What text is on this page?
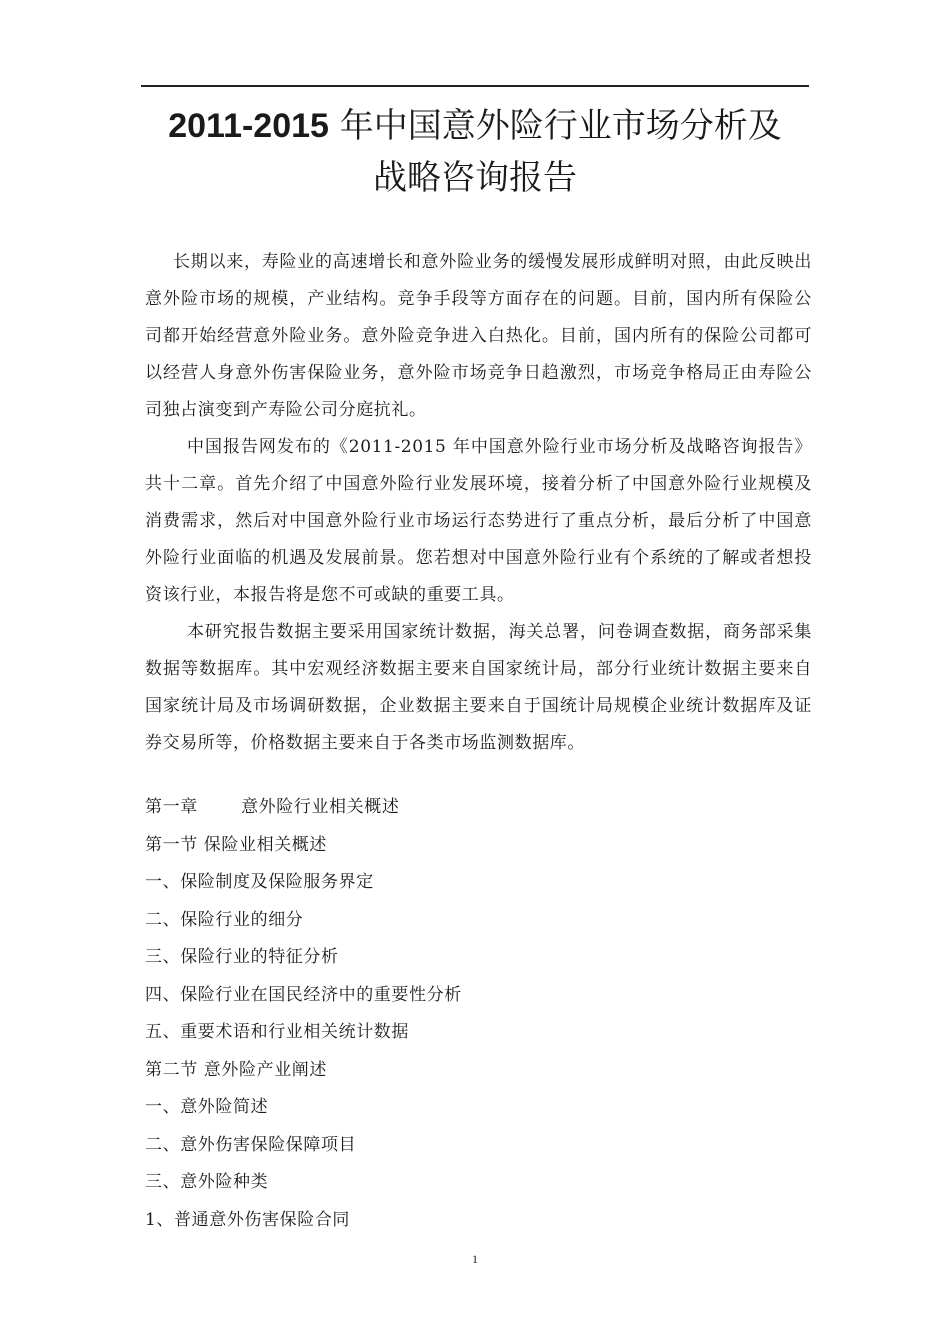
2011-2015 年中国意外险行业市场分析及
战略咨询报告

长期以来，寿险业的高速增长和意外险业务的缓慢发展形成鲜明对照，由此反映出意外险市场的规模，产业结构。竞争手段等方面存在的问题。目前，国内所有保险公司都开始经营意外险业务。意外险竞争进入白热化。目前，国内所有的保险公司都可以经营人身意外伤害保险业务，意外险市场竞争日趋激烈，市场竞争格局正由寿险公司独占演变到产寿险公司分庭抗礼。

中国报告网发布的《2011-2015 年中国意外险行业市场分析及战略咨询报告》共十二章。首先介绍了中国意外险行业发展环境，接着分析了中国意外险行业规模及消费需求，然后对中国意外险行业市场运行态势进行了重点分析，最后分析了中国意外险行业面临的机遇及发展前景。您若想对中国意外险行业有个系统的了解或者想投资该行业，本报告将是您不可或缺的重要工具。

本研究报告数据主要采用国家统计数据，海关总署，问卷调查数据，商务部采集数据等数据库。其中宏观经济数据主要来自国家统计局，部分行业统计数据主要来自国家统计局及市场调研数据，企业数据主要来自于国统计局规模企业统计数据库及证券交易所等，价格数据主要来自于各类市场监测数据库。

第一章	意外险行业相关概述
第一节 保险业相关概述
一、保险制度及保险服务界定
二、保险行业的细分
三、保险行业的特征分析
四、保险行业在国民经济中的重要性分析
五、重要术语和行业相关统计数据
第二节 意外险产业阐述
一、意外险简述
二、意外伤害保险保障项目
三、意外险种类
1、普通意外伤害保险合同
1
